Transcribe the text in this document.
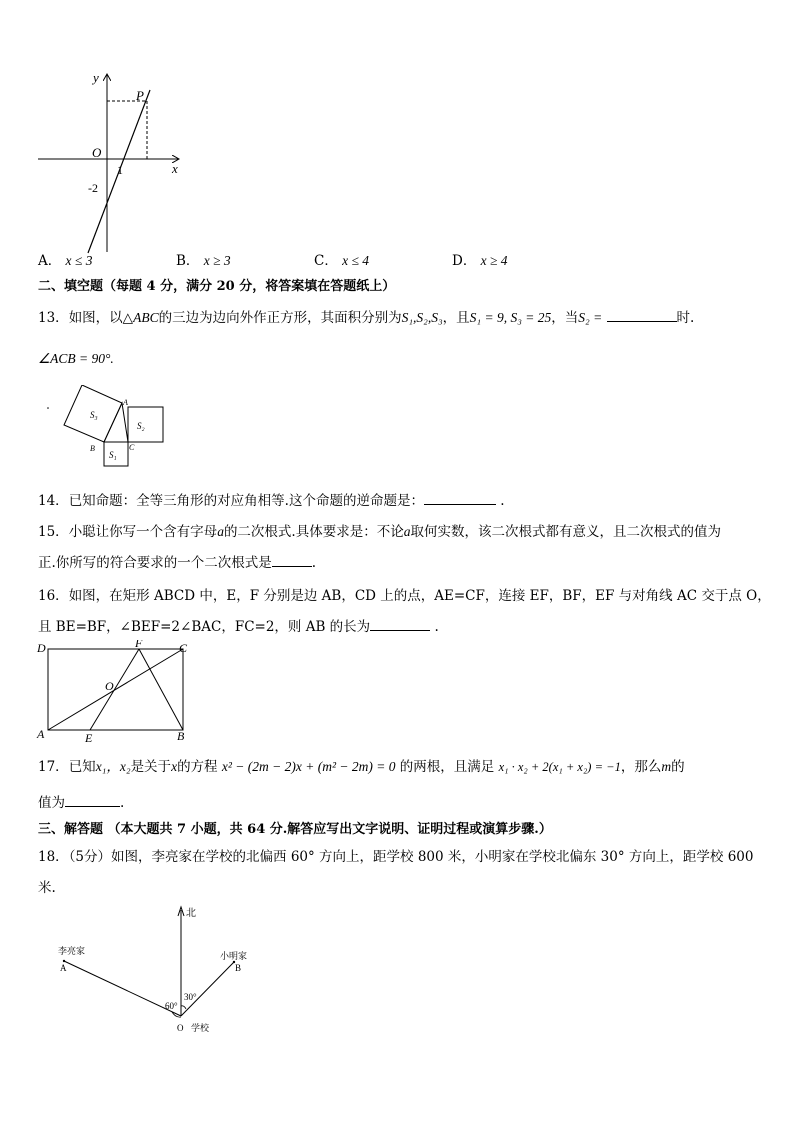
y
x
P
O
1
-2
A． x ≤ 3	B． x ≥ 3	C． x ≤ 4	D． x ≥ 4
二、填空题（每题 4 分，满分 20 分，将答案填在答题纸上）
13．如图，以△ABC的三边为边向外作正方形，其面积分别为S₁,S₂,S₃，且S₁ = 9, S₃ = 25，当S₂ =	时.
∠ACB = 90°.
S₃
S₂
S₁
A
B	C
14．已知命题：全等三角形的对应角相等.这个命题的逆命题是：	.
15．小聪让你写一个含有字母a的二次根式.具体要求是：不论a取何实数，该二次根式都有意义，且二次根式的值为
正.你所写的符合要求的一个二次根式是	.
16．如图，在矩形 ABCD 中，E，F 分别是边 AB，CD 上的点，AE=CF，连接 EF，BF，EF 与对角线 AC 交于点 O，
且 BE=BF，∠BEF=2∠BAC，FC=2，则 AB 的长为	.
D	F	C
O
A	E	B
17．已知x₁，x₂是关于x的方程 x² − (2m − 2)x + (m² − 2m) = 0 的两根，且满足 x₁ · x₂ + 2(x₁ + x₂) = −1，那么m的
值为	.
三、解答题 （本大题共 7 小题，共 64 分.解答应写出文字说明、证明过程或演算步骤.）
18．（5分）如图，李亮家在学校的北偏西 60° 方向上，距学校 800 米，小明家在学校北偏东 30° 方向上，距学校 600
米.
北
李亮家
A
小明家
B
60°
30°
O 学校
